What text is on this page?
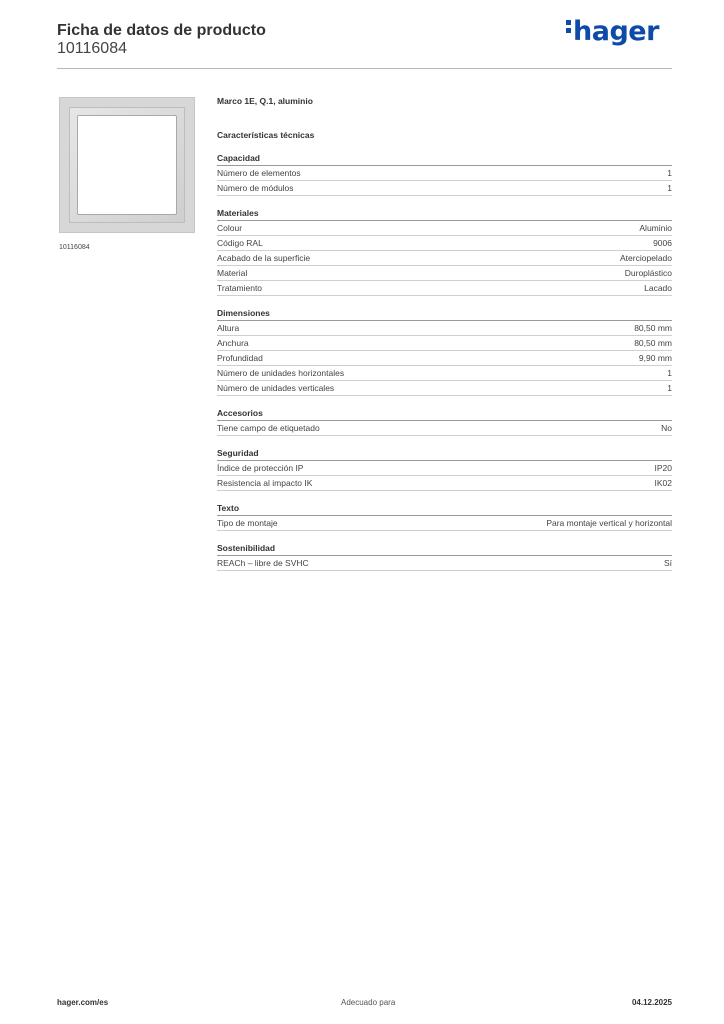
Ficha de datos de producto
10116084
hager
10116084
Marco 1E, Q.1, aluminio
Características técnicas
Capacidad
Número de elementos	1
Número de módulos	1
Materiales
Colour	Aluminio
Código RAL	9006
Acabado de la superficie	Aterciopelado
Material	Duroplástico
Tratamiento	Lacado
Dimensiones
Altura	80,50 mm
Anchura	80,50 mm
Profundidad	9,90 mm
Número de unidades horizontales	1
Número de unidades verticales	1
Accesorios
Tiene campo de etiquetado	No
Seguridad
Índice de protección IP	IP20
Resistencia al impacto IK	IK02
Texto
Tipo de montaje	Para montaje vertical y horizontal
Sostenibilidad
REACh – libre de SVHC	Sí
hager.com/es	Adecuado para	04.12.2025
